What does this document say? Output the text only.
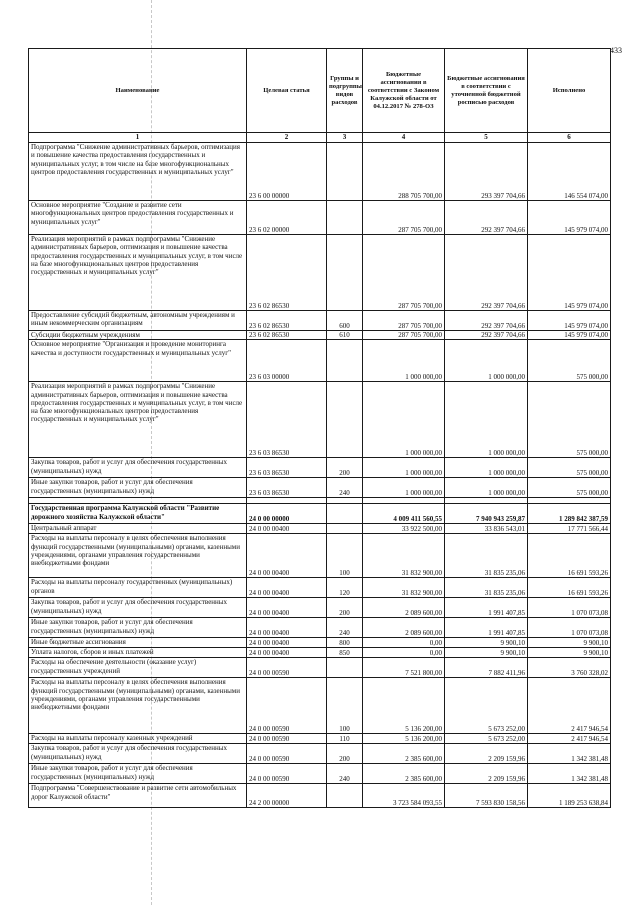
433
Наименование	Целевая статья	Группы и подгруппы видов расходов	Бюджетные ассигнования в соответствии с Законом Калужской области от 04.12.2017 № 278-ОЗ	Бюджетные ассигнования в соответствии с уточненной бюджетной росписью расходов	Исполнено
1	2	3	4	5	6
Подпрограмма "Снижение административных барьеров, оптимизация и повышение качества предоставления государственных и муниципальных услуг, в том числе на базе многофункциональных центров предоставления государственных и муниципальных услуг"	23 6 00 00000		288 705 700,00	293 397 704,66	146 554 074,00
Основное мероприятие "Создание и развитие сети многофункциональных центров предоставления государственных и муниципальных услуг"	23 6 02 00000		287 705 700,00	292 397 704,66	145 979 074,00
Реализация мероприятий в рамках подпрограммы "Снижение административных барьеров, оптимизация и повышение качества предоставления государственных и муниципальных услуг, в том числе на базе многофункциональных центров предоставления государственных и муниципальных услуг"	23 6 02 86530		287 705 700,00	292 397 704,66	145 979 074,00
Предоставление субсидий бюджетным, автономным учреждениям и иным некоммерческим организациям	23 6 02 86530	600	287 705 700,00	292 397 704,66	145 979 074,00
Субсидии бюджетным учреждениям	23 6 02 86530	610	287 705 700,00	292 397 704,66	145 979 074,00
Основное мероприятие "Организация и проведение мониторинга качества и доступности государственных и муниципальных услуг"	23 6 03 00000		1 000 000,00	1 000 000,00	575 000,00
Реализация мероприятий в рамках подпрограммы "Снижение административных барьеров, оптимизация и повышение качества предоставления государственных и муниципальных услуг, в том числе на базе многофункциональных центров предоставления государственных и муниципальных услуг"	23 6 03 86530		1 000 000,00	1 000 000,00	575 000,00
Закупка товаров, работ и услуг для обеспечения государственных (муниципальных) нужд	23 6 03 86530	200	1 000 000,00	1 000 000,00	575 000,00
Иные закупки товаров, работ и услуг для обеспечения государственных (муниципальных) нужд	23 6 03 86530	240	1 000 000,00	1 000 000,00	575 000,00

Государственная программа Калужской области "Развитие дорожного хозяйства Калужской области"	24 0 00 00000		4 009 411 560,55	7 940 943 259,87	1 289 842 387,59
Центральный аппарат	24 0 00 00400		33 922 500,00	33 836 543,01	17 771 566,44
Расходы на выплаты персоналу в целях обеспечения выполнения функций государственными (муниципальными) органами, казенными учреждениями, органами управления государственными внебюджетными фондами	24 0 00 00400	100	31 832 900,00	31 835 235,06	16 691 593,26
Расходы на выплаты персоналу государственных (муниципальных) органов	24 0 00 00400	120	31 832 900,00	31 835 235,06	16 691 593,26
Закупка товаров, работ и услуг для обеспечения государственных (муниципальных) нужд	24 0 00 00400	200	2 089 600,00	1 991 407,85	1 070 073,08
Иные закупки товаров, работ и услуг для обеспечения государственных (муниципальных) нужд	24 0 00 00400	240	2 089 600,00	1 991 407,85	1 070 073,08
Иные бюджетные ассигнования	24 0 00 00400	800	0,00	9 900,10	9 900,10
Уплата налогов, сборов и иных платежей	24 0 00 00400	850	0,00	9 900,10	9 900,10
Расходы на обеспечение деятельности (оказание услуг) государственных учреждений	24 0 00 00590		7 521 800,00	7 882 411,96	3 760 328,02
Расходы на выплаты персоналу в целях обеспечения выполнения функций государственными (муниципальными) органами, казенными учреждениями, органами управления государственными внебюджетными фондами	24 0 00 00590	100	5 136 200,00	5 673 252,00	2 417 946,54
Расходы на выплаты персоналу казенных учреждений	24 0 00 00590	110	5 136 200,00	5 673 252,00	2 417 946,54
Закупка товаров, работ и услуг для обеспечения государственных (муниципальных) нужд	24 0 00 00590	200	2 385 600,00	2 209 159,96	1 342 381,48
Иные закупки товаров, работ и услуг для обеспечения государственных (муниципальных) нужд	24 0 00 00590	240	2 385 600,00	2 209 159,96	1 342 381,48
Подпрограмма "Совершенствование и развитие сети автомобильных дорог Калужской области"	24 2 00 00000		3 723 584 093,55	7 593 830 158,56	1 189 253 638,84
